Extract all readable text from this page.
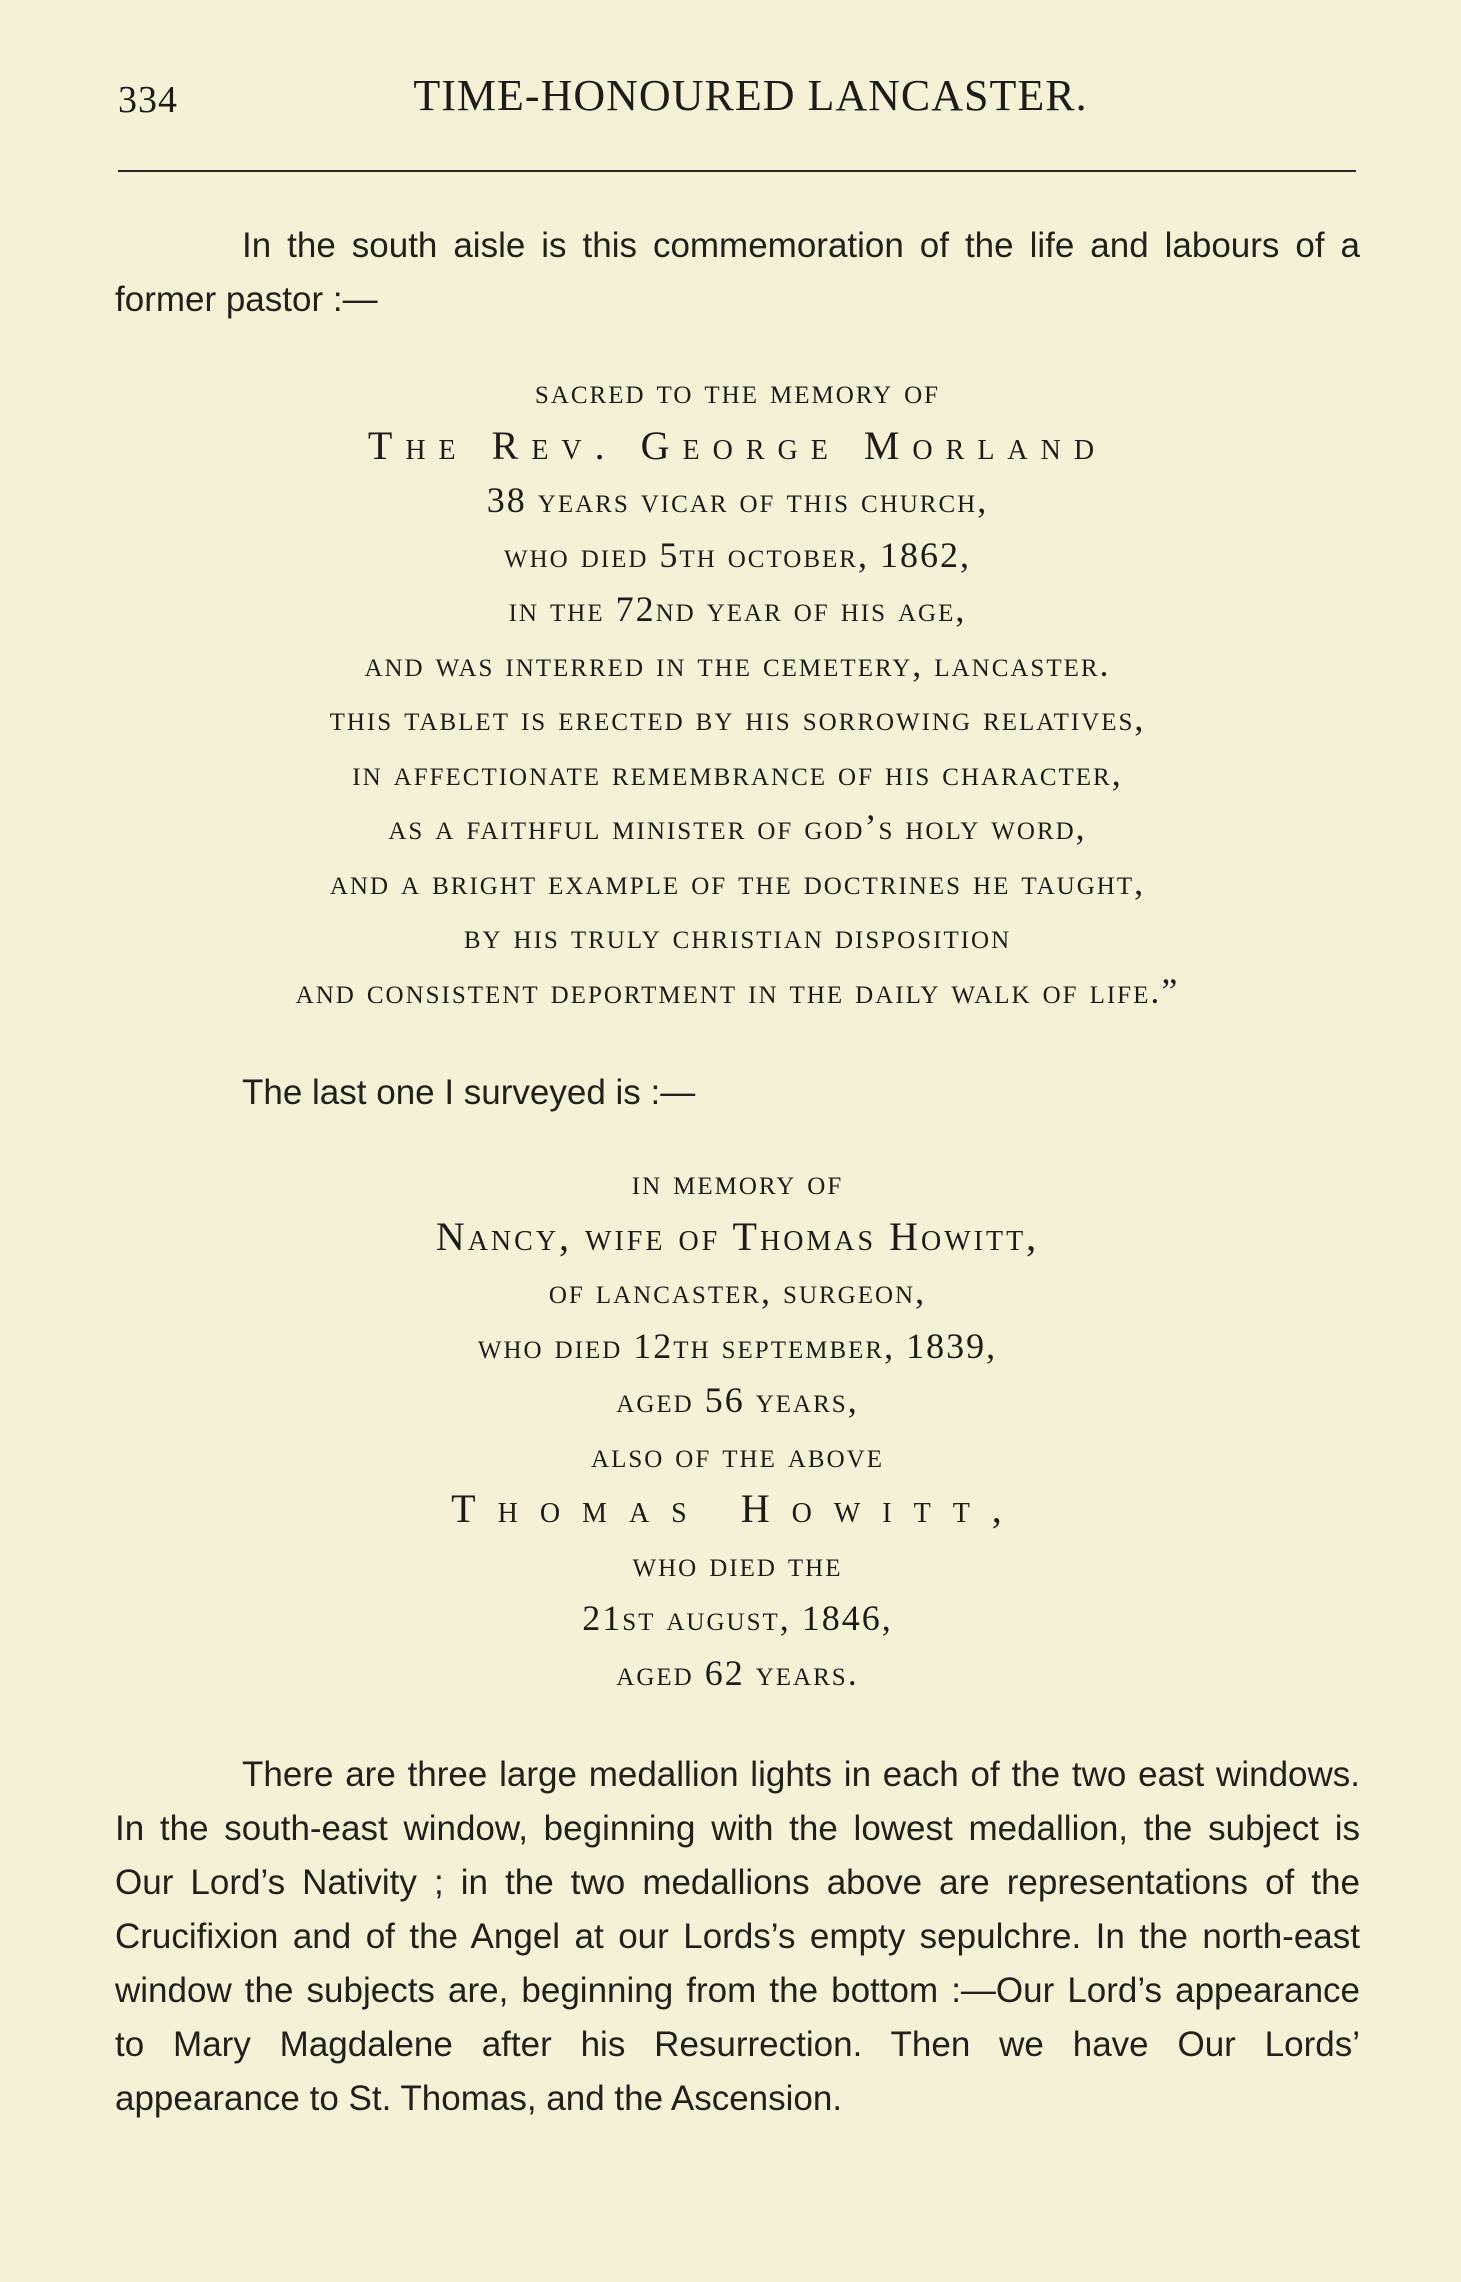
334	TIME-HONOURED LANCASTER.

In the south aisle is this commemoration of the life and labours of a former pastor :—

sacred to the memory of
The Rev. George Morland
38 years vicar of this church,
who died 5th october, 1862,
in the 72nd year of his age,
and was interred in the cemetery, lancaster.
this tablet is erected by his sorrowing relatives,
in affectionate remembrance of his character,
as a faithful minister of god’s holy word,
and a bright example of the doctrines he taught,
by his truly christian disposition
and consistent deportment in the daily walk of life.”

The last one I surveyed is :—

in memory of
Nancy, wife of Thomas Howitt,
of lancaster, surgeon,
who died 12th september, 1839,
aged 56 years,
also of the above
Thomas Howitt,
who died the
21st august, 1846,
aged 62 years.

There are three large medallion lights in each of the two east windows. In the south-east window, beginning with the lowest medallion, the subject is Our Lord’s Nativity ; in the two medallions above are representations of the Crucifixion and of the Angel at our Lords’s empty sepulchre. In the north-east window the subjects are, beginning from the bottom :—Our Lord’s appearance to Mary Magdalene after his Resurrection. Then we have Our Lords’ appearance to St. Thomas, and the Ascension.
